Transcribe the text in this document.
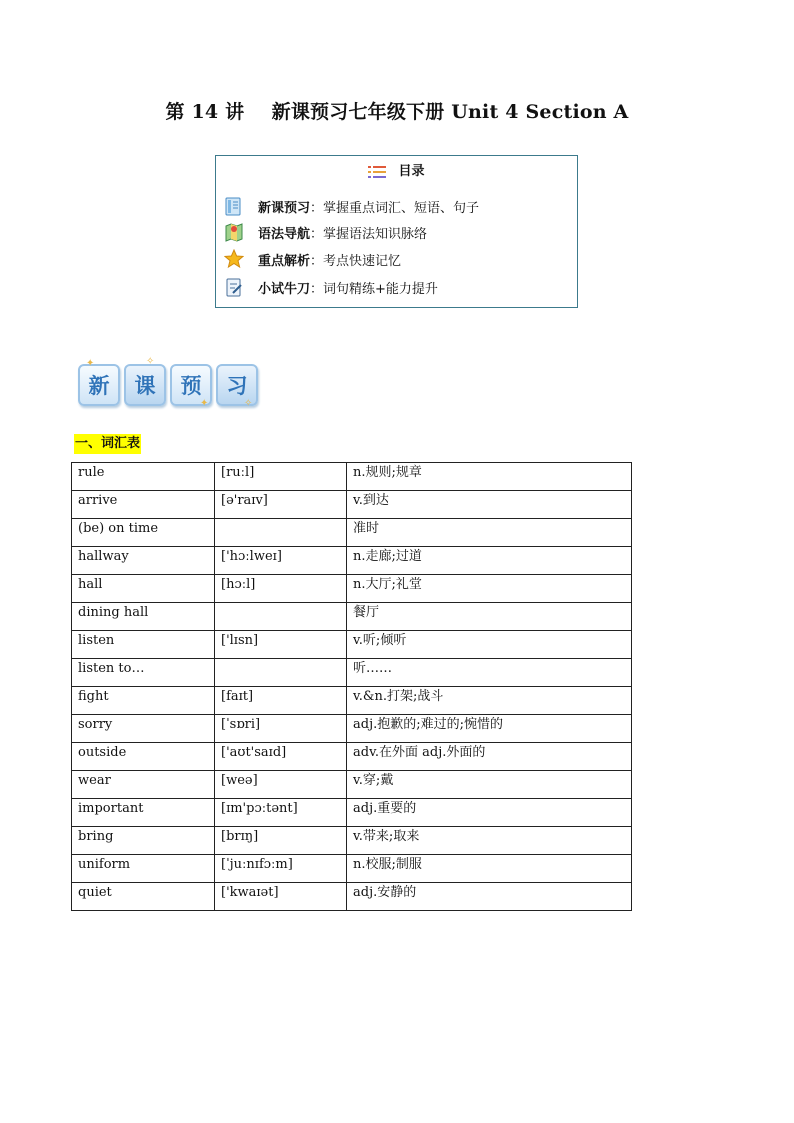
第 14 讲 新课预习七年级下册 Unit 4 Section A
目录
新课预习 ：掌握重点词汇、短语、句子
语法导航 ：掌握语法知识脉络
重点解析 ：考点快速记忆
小试牛刀 ：词句精练+能力提升
新	课	预	习
✦	✧
✦	✧
一、词汇表
rule	[ruːl]	n.规则;规章
arrive	[ə'raɪv]	v.到达
(be) on time		准时
hallway	['hɔːlweɪ]	n.走廊;过道
hall	[hɔːl]	n.大厅;礼堂
dining hall		餐厅
listen	['lɪsn]	v.听;倾听
listen to…		听……
fight	[faɪt]	v.&n.打架;战斗
sorry	[ˈsɒri]	adj.抱歉的;难过的;惋惜的
outside	['aʊt'saɪd]	adv.在外面 adj.外面的
wear	[weə]	v.穿;戴
important	[ɪm'pɔːtənt]	adj.重要的
bring	[brɪŋ]	v.带来;取来
uniform	[ˈjuːnɪfɔːm]	n.校服;制服
quiet	['kwaɪət]	adj.安静的
